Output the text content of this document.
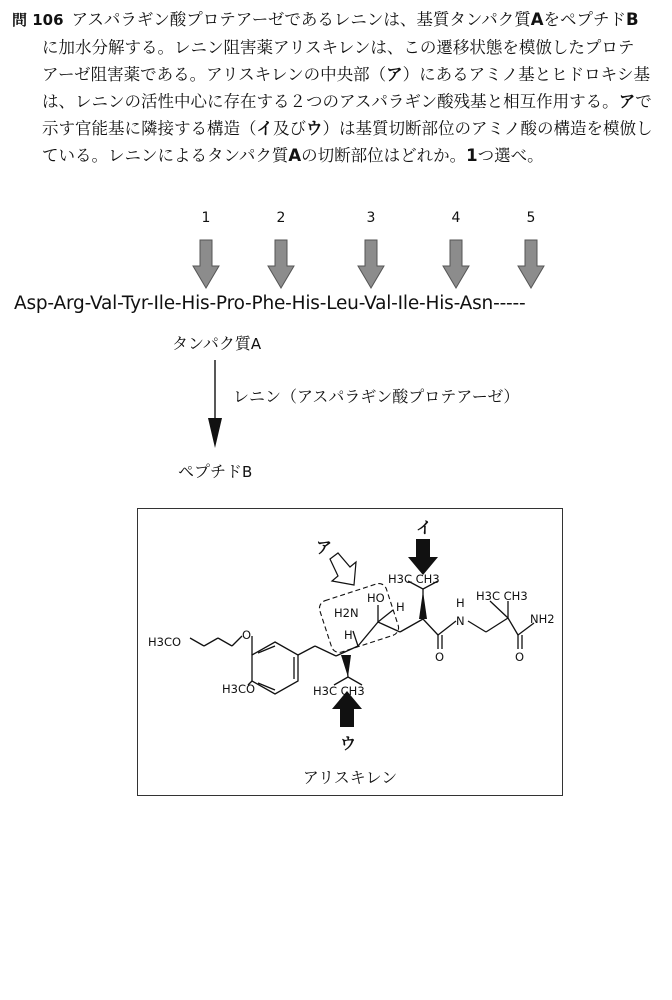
問 106 アスパラギン酸プロテアーゼであるレニンは、基質タンパク質AをペプチドB
に加水分解する。レニン阻害薬アリスキレンは、この遷移状態を模倣したプロテ
アーゼ阻害薬である。アリスキレンの中央部（ア）にあるアミノ基とヒドロキシ基
は、レニンの活性中心に存在する２つのアスパラギン酸残基と相互作用する。アで
示す官能基に隣接する構造（イ及びウ）は基質切断部位のアミノ酸の構造を模倣し
ている。レニンによるタンパク質Aの切断部位はどれか。1つ選べ。
1	2	3	4	5
Asp-Arg-Val-Tyr-Ile-His-Pro-Phe-His-Leu-Val-Ile-His-Asn-----
タンパク質A
レニン（アスパラギン酸プロテアーゼ）
ペプチドB
H3CO	O
H3CO
H3C CH3
H3C CH3
H2N
HO
H
H	H
N
H3C CH3
O	O
NH2
ア
イ
ウ
アリスキレン
